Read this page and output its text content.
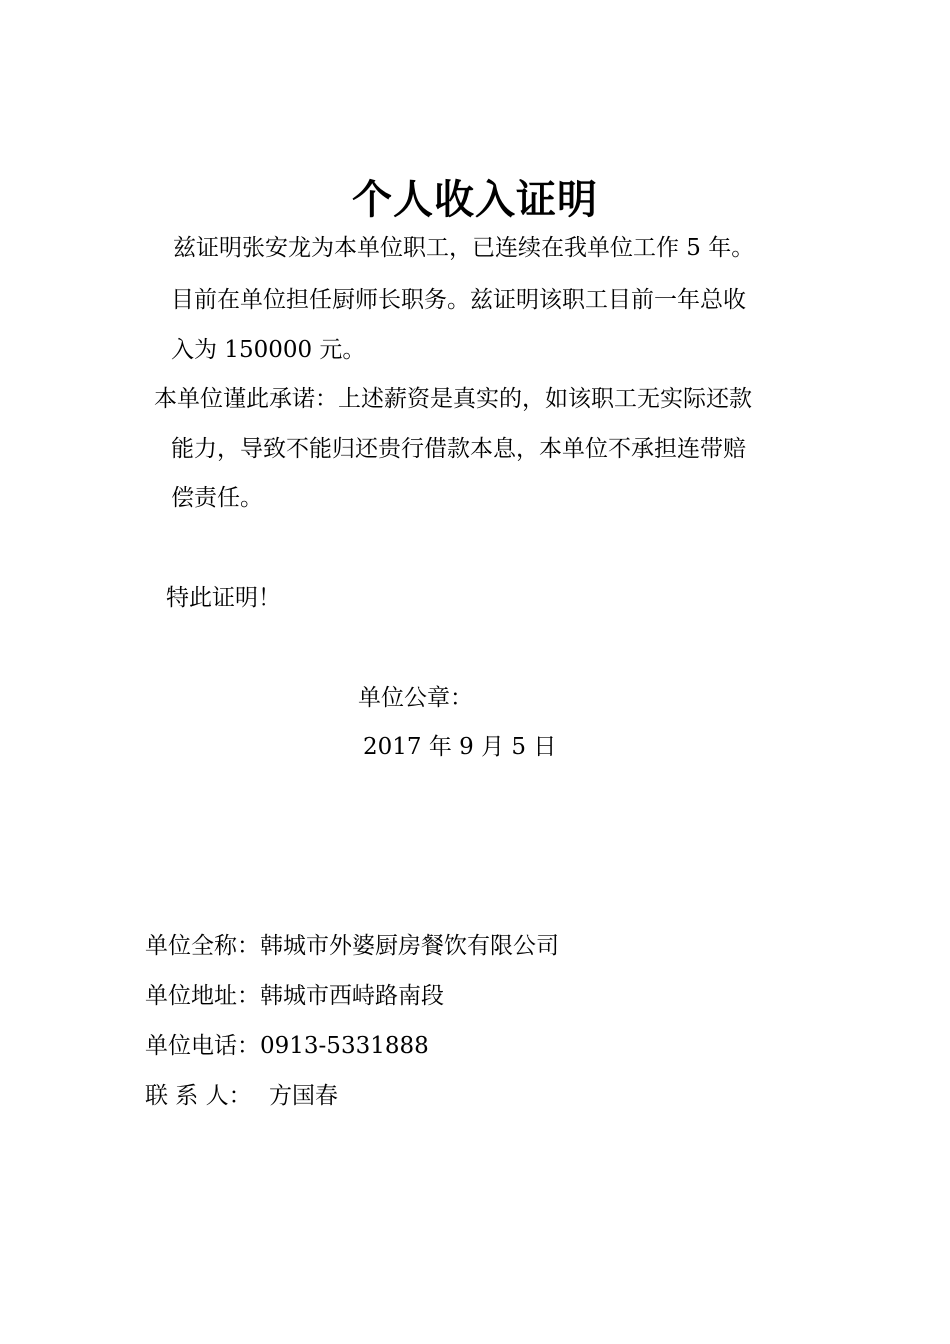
个人收入证明
兹证明张安龙为本单位职工，已连续在我单位工作 5 年。
目前在单位担任厨师长职务。兹证明该职工目前一年总收
入为 150000 元。
本单位谨此承诺：上述薪资是真实的，如该职工无实际还款
能力，导致不能归还贵行借款本息，本单位不承担连带赔
偿责任。
特此证明！
单位公章：
2017 年 9 月 5 日
单位全称：韩城市外婆厨房餐饮有限公司
单位地址：韩城市西峙路南段
单位电话：0913-5331888
联 系 人： 方国春
